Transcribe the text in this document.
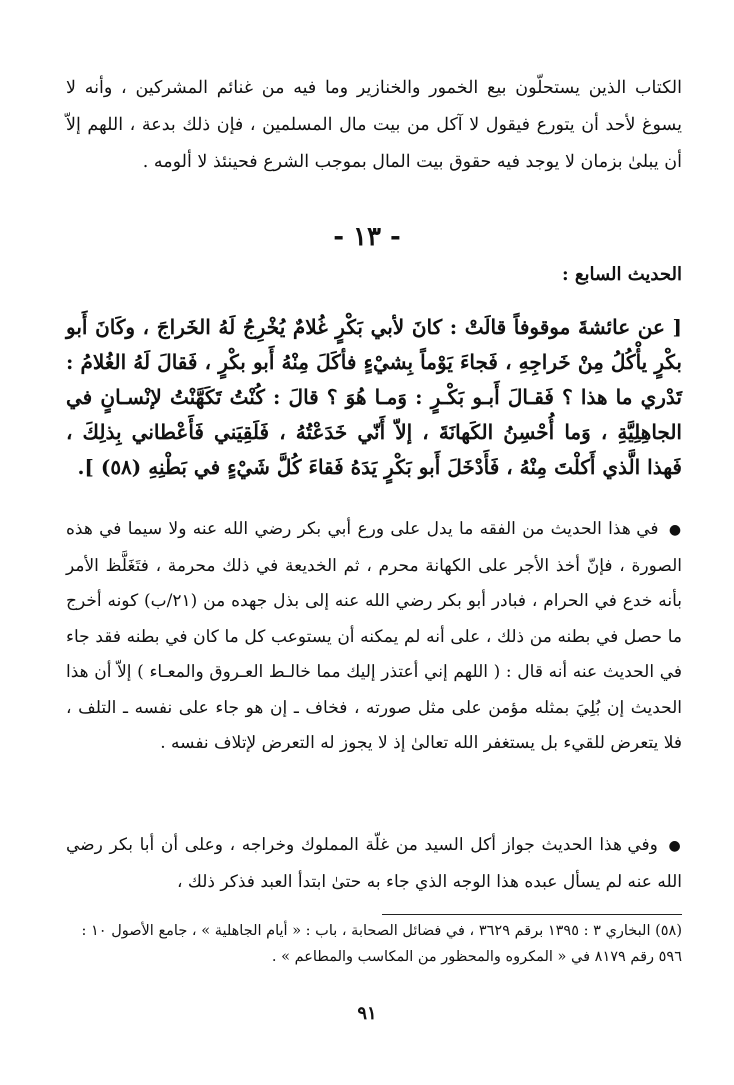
الكتاب الذين يستحلّون بيع الخمور والخنازير وما فيه من غنائم المشركين ، وأنه لا يسوغ لأحد أن يتورع فيقول لا آكل من بيت مال المسلمين ، فإن ذلك بدعة ، اللهم إلاّ أن يبلىٰ بزمان لا يوجد فيه حقوق بيت المال بموجب الشرع فحينئذ لا ألومه .

- ١٣ -
الحديث السابع :

[ عن عائشةَ موقوفاً قالَتْ : كانَ لأبي بَكْرٍ غُلامٌ يُخْرِجُ لَهُ الخَراجَ ، وكَانَ أَبو بكْرٍ يأْكُلُ مِنْ خَراجِهِ ، فَجاءَ يَوْماً بِشيْءٍ فأكَلَ مِنْهُ أَبو بكْرٍ ، فَقالَ لَهُ الغُلامُ : تَدْري ما هذا ؟ فَقـالَ أَبـو بَكْـرٍ : وَمـا هُوَ ؟ قالَ : كُنْتُ تَكَهَّنْتُ لإنْسـانٍ في الجاهِلِيَّةِ ، وَما أُحْسِنُ الكَهانَةَ ، إلاّ أَنّي خَدَعْتُهُ ، فَلَقِيَني فَأَعْطاني بِذلِكَ ، فَهذا الَّذي أَكلْتَ مِنْهُ ، فَأَدْخَلَ أَبو بَكْرٍ يَدَهُ فَقاءَ كُلَّ شَيْءٍ في بَطْنِهِ (٥٨) ].

● في هذا الحديث من الفقه ما يدل على ورع أبي بكر رضي الله عنه ولا سيما في هذه الصورة ، فإنّ أخذ الأجر على الكهانة محرم ، ثم الخديعة في ذلك محرمة ، فتَغَلَّظ الأمر بأنه خدع في الحرام ، فبادر أبو بكر رضي الله عنه إلى بذل جهده من (٢١/ب) كونه أخرج ما حصل في بطنه من ذلك ، على أنه لم يمكنه أن يستوعب كل ما كان في بطنه فقد جاء في الحديث عنه أنه قال : ( اللهم إني أعتذر إليك مما خالـط العـروق والمعـاء ) إلاّ أن هذا الحديث إن بُلِيَ بمثله مؤمن على مثل صورته ، فخاف ـ إن هو جاء على نفسه ـ التلف ، فلا يتعرض للقيء بل يستغفر الله تعالىٰ إذ لا يجوز له التعرض لإتلاف نفسه .

● وفي هذا الحديث جواز أكل السيد من غلّة المملوك وخراجه ، وعلى أن أبا بكر رضي الله عنه لم يسأل عبده هذا الوجه الذي جاء به حتىٰ ابتدأ العبد فذكر ذلك ،

(٥٨) البخاري ٣ : ١٣٩٥ برقم ٣٦٢٩ ، في فضائل الصحابة ، باب : « أيام الجاهلية » ، جامع الأصول ١٠ : ٥٩٦ رقم ٨١٧٩ في « المكروه والمحظور من المكاسب والمطاعم » .
٩١
